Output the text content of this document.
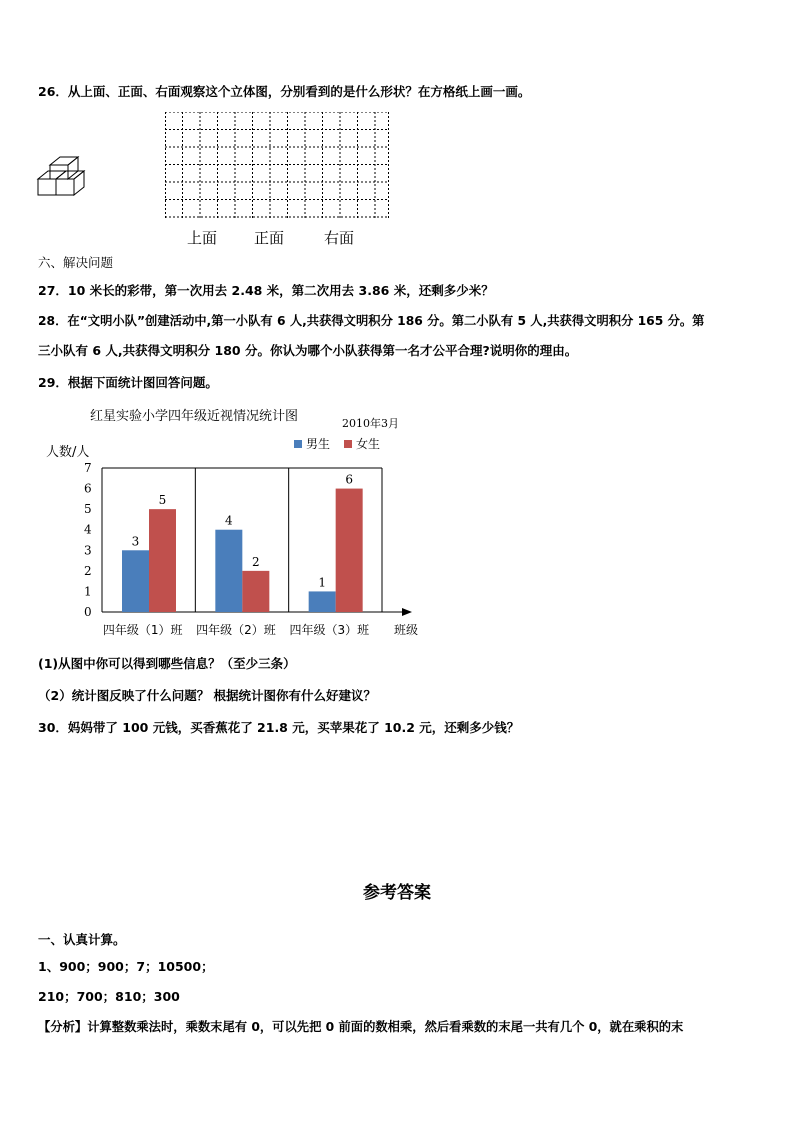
26．从上面、正面、右面观察这个立体图，分别看到的是什么形状？在方格纸上画一画。
上面 正面	右面
六、解决问题
27．10 米长的彩带，第一次用去 2.48 米，第二次用去 3.86 米，还剩多少米？
28．在“文明小队”创建活动中,第一小队有 6 人,共获得文明积分 186 分。第二小队有 5 人,共获得文明积分 165 分。第
三小队有 6 人,共获得文明积分 180 分。你认为哪个小队获得第一名才公平合理?说明你的理由。
29．根据下面统计图回答问题。
红星实验小学四年级近视情况统计图	2010年3月
男生 女生
人数/人
0
1
2
3
4
5
6
7
3
5
4
2
1
6
四年级（1）班 四年级（2）班 四年级（3）班 班级
(1)从图中你可以得到哪些信息？（至少三条）
（2）统计图反映了什么问题？ 根据统计图你有什么好建议？
30．妈妈带了 100 元钱，买香蕉花了 21.8 元，买苹果花了 10.2 元，还剩多少钱？
参考答案
一、认真计算。
1、900；900；7；10500；
210；700；810；300
【分析】计算整数乘法时，乘数末尾有 0，可以先把 0 前面的数相乘，然后看乘数的末尾一共有几个 0，就在乘积的末
